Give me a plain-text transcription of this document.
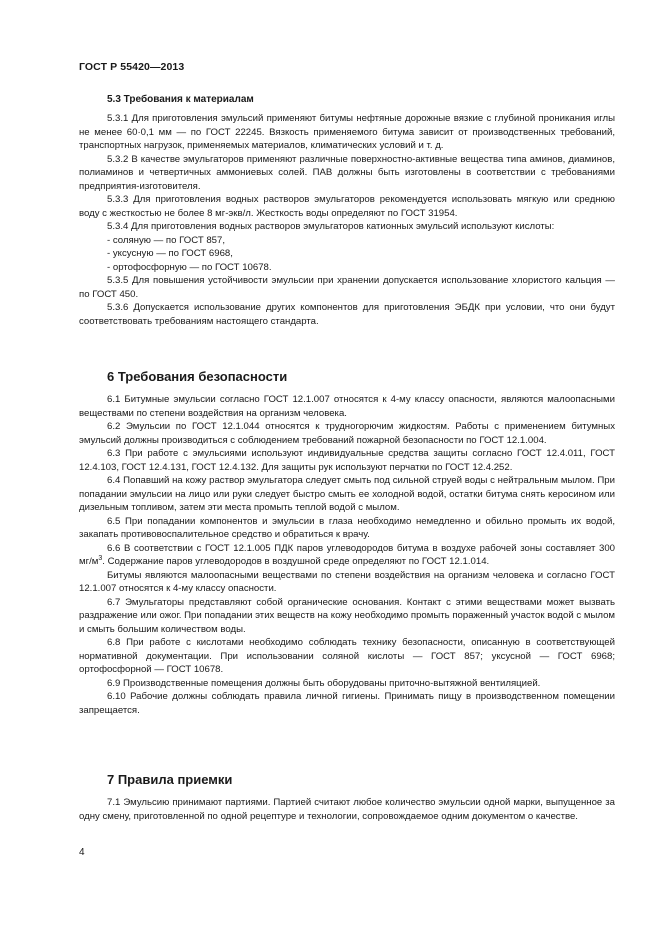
ГОСТ Р 55420—2013
5.3 Требования к материалам

5.3.1 Для приготовления эмульсий применяют битумы нефтяные дорожные вязкие с глубиной проникания иглы не менее 60·0,1 мм — по ГОСТ 22245. Вязкость применяемого битума зависит от производственных требований, транспортных нагрузок, применяемых материалов, климатических условий и т. д.

5.3.2 В качестве эмульгаторов применяют различные поверхностно-активные вещества типа аминов, диаминов, полиаминов и четвертичных аммониевых солей. ПАВ должны быть изготовлены в соответствии с требованиями предприятия-изготовителя.

5.3.3 Для приготовления водных растворов эмульгаторов рекомендуется использовать мягкую или среднюю воду с жесткостью не более 8 мг-экв/л. Жесткость воды определяют по ГОСТ 31954.

5.3.4 Для приготовления водных растворов эмульгаторов катионных эмульсий используют кислоты:

- соляную — по ГОСТ 857,

- уксусную — по ГОСТ 6968,

- ортофосфорную — по ГОСТ 10678.

5.3.5 Для повышения устойчивости эмульсии при хранении допускается использование хлористого кальция — по ГОСТ 450.

5.3.6 Допускается использование других компонентов для приготовления ЭБДК при условии, что они будут соответствовать требованиям настоящего стандарта.

6 Требования безопасности

6.1 Битумные эмульсии согласно ГОСТ 12.1.007 относятся к 4-му классу опасности, являются малоопасными веществами по степени воздействия на организм человека.

6.2 Эмульсии по ГОСТ 12.1.044 относятся к трудногорючим жидкостям. Работы с применением битумных эмульсий должны производиться с соблюдением требований пожарной безопасности по ГОСТ 12.1.004.

6.3 При работе с эмульсиями используют индивидуальные средства защиты согласно ГОСТ 12.4.011, ГОСТ 12.4.103, ГОСТ 12.4.131, ГОСТ 12.4.132. Для защиты рук используют перчатки по ГОСТ 12.4.252.

6.4 Попавший на кожу раствор эмульгатора следует смыть под сильной струей воды с нейтральным мылом. При попадании эмульсии на лицо или руки следует быстро смыть ее холодной водой, остатки битума снять керосином или дизельным топливом, затем эти места промыть теплой водой с мылом.

6.5 При попадании компонентов и эмульсии в глаза необходимо немедленно и обильно промыть их водой, закапать противовоспалительное средство и обратиться к врачу.

6.6 В соответствии с ГОСТ 12.1.005 ПДК паров углеводородов битума в воздухе рабочей зоны составляет 300 $мг/м^3$. Содержание паров углеводородов в воздушной среде определяют по ГОСТ 12.1.014.

Битумы являются малоопасными веществами по степени воздействия на организм человека и согласно ГОСТ 12.1.007 относятся к 4-му классу опасности.

6.7 Эмульгаторы представляют собой органические основания. Контакт с этими веществами может вызвать раздражение или ожог. При попадании этих веществ на кожу необходимо промыть пораженный участок водой с мылом и смыть большим количеством воды.

6.8 При работе с кислотами необходимо соблюдать технику безопасности, описанную в соответствующей нормативной документации. При использовании соляной кислоты — ГОСТ 857; уксусной — ГОСТ 6968; ортофосфорной — ГОСТ 10678.

6.9 Производственные помещения должны быть оборудованы приточно-вытяжной вентиляцией.

6.10 Рабочие должны соблюдать правила личной гигиены. Принимать пищу в производственном помещении запрещается.

7 Правила приемки

7.1 Эмульсию принимают партиями. Партией считают любое количество эмульсии одной марки, выпущенное за одну смену, приготовленной по одной рецептуре и технологии, сопровождаемое одним документом о качестве.

4
